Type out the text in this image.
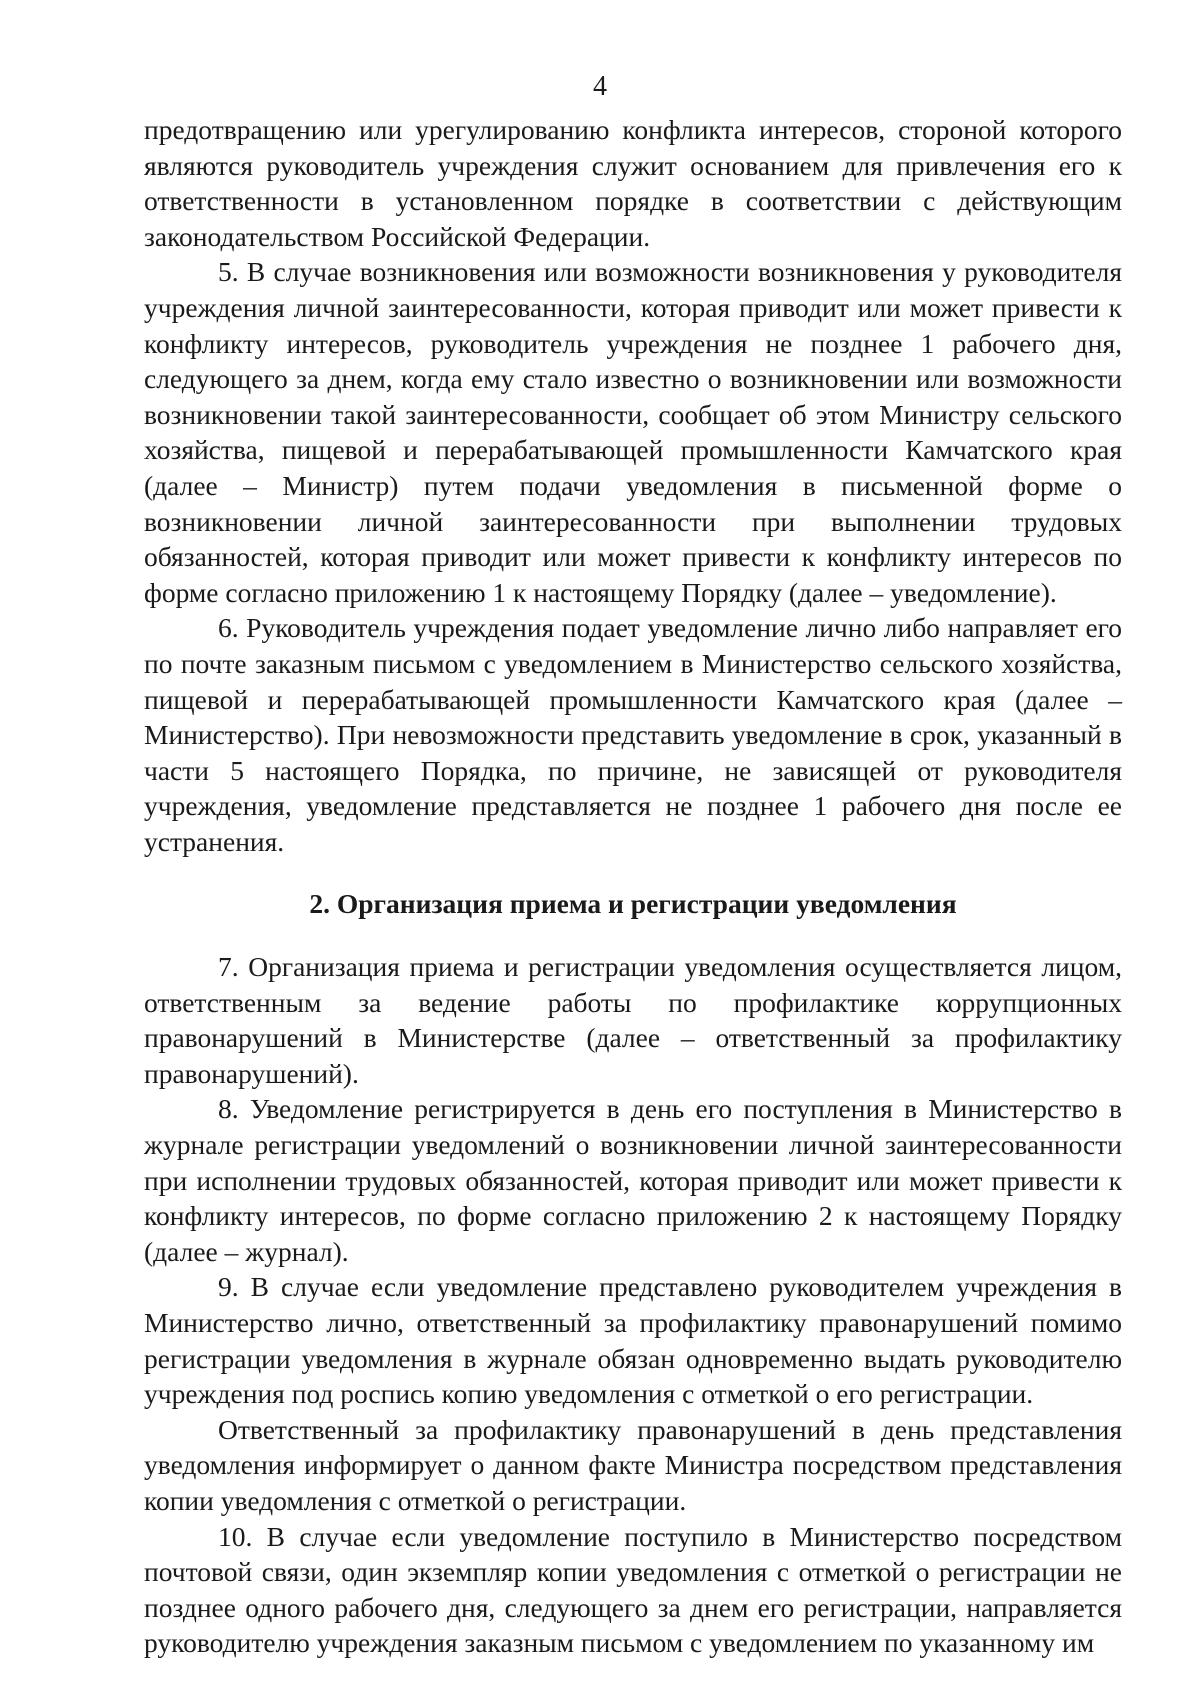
4

предотвращению или урегулированию конфликта интересов, стороной которого являются руководитель учреждения служит основанием для привлечения его к ответственности в установленном порядке в соответствии с действующим законодательством Российской Федерации.

5. В случае возникновения или возможности возникновения у руководителя учреждения личной заинтересованности, которая приводит или может привести к конфликту интересов, руководитель учреждения не позднее 1 рабочего дня, следующего за днем, когда ему стало известно о возникновении или возможности возникновении такой заинтересованности, сообщает об этом Министру сельского хозяйства, пищевой и перерабатывающей промышленности Камчатского края (далее – Министр) путем подачи уведомления в письменной форме о возникновении личной заинтересованности при выполнении трудовых обязанностей, которая приводит или может привести к конфликту интересов по форме согласно приложению 1 к настоящему Порядку (далее – уведомление).

6. Руководитель учреждения подает уведомление лично либо направляет его по почте заказным письмом с уведомлением в Министерство сельского хозяйства, пищевой и перерабатывающей промышленности Камчатского края (далее – Министерство). При невозможности представить уведомление в срок, указанный в части 5 настоящего Порядка, по причине, не зависящей от руководителя учреждения, уведомление представляется не позднее 1 рабочего дня после ее устранения.

2. Организация приема и регистрации уведомления

7. Организация приема и регистрации уведомления осуществляется лицом, ответственным за ведение работы по профилактике коррупционных правонарушений в Министерстве (далее – ответственный за профилактику правонарушений).

8. Уведомление регистрируется в день его поступления в Министерство в журнале регистрации уведомлений о возникновении личной заинтересованности при исполнении трудовых обязанностей, которая приводит или может привести к конфликту интересов, по форме согласно приложению 2 к настоящему Порядку (далее – журнал).

9. В случае если уведомление представлено руководителем учреждения в Министерство лично, ответственный за профилактику правонарушений помимо регистрации уведомления в журнале обязан одновременно выдать руководителю учреждения под роспись копию уведомления с отметкой о его регистрации.

Ответственный за профилактику правонарушений в день представления уведомления информирует о данном факте Министра посредством представления копии уведомления с отметкой о регистрации.

10. В случае если уведомление поступило в Министерство посредством почтовой связи, один экземпляр копии уведомления с отметкой о регистрации не позднее одного рабочего дня, следующего за днем его регистрации, направляется руководителю учреждения заказным письмом с уведомлением по указанному им
